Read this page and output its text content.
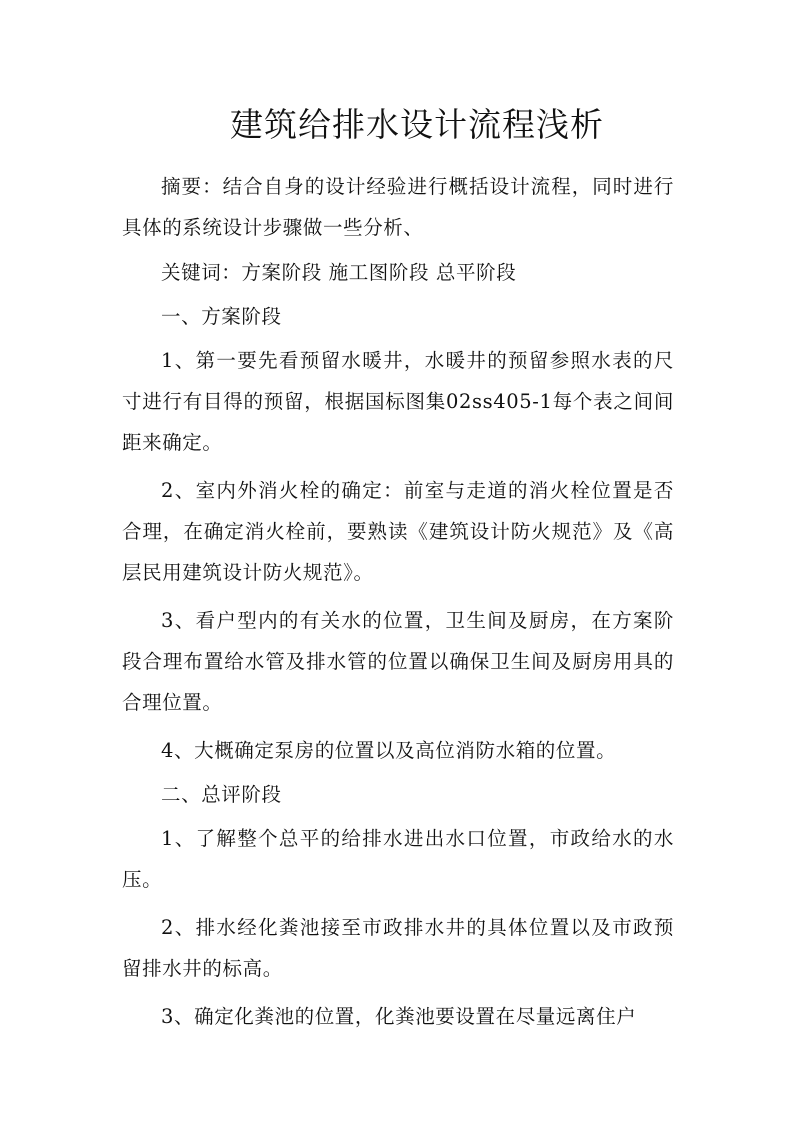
建筑给排水设计流程浅析

摘要：结合自身的设计经验进行概括设计流程，同时进行具体的系统设计步骤做一些分析、

关键词：方案阶段 施工图阶段 总平阶段

一、方案阶段

1、第一要先看预留水暖井，水暖井的预留参照水表的尺寸进行有目得的预留，根据国标图集02ss405-1每个表之间间距来确定。

2、室内外消火栓的确定：前室与走道的消火栓位置是否合理，在确定消火栓前，要熟读《建筑设计防火规范》及《高层民用建筑设计防火规范》。

3、看户型内的有关水的位置，卫生间及厨房，在方案阶段合理布置给水管及排水管的位置以确保卫生间及厨房用具的合理位置。

4、大概确定泵房的位置以及高位消防水箱的位置。

二、总评阶段

1、了解整个总平的给排水进出水口位置，市政给水的水压。

2、排水经化粪池接至市政排水井的具体位置以及市政预留排水井的标高。

3、确定化粪池的位置，化粪池要设置在尽量远离住户
